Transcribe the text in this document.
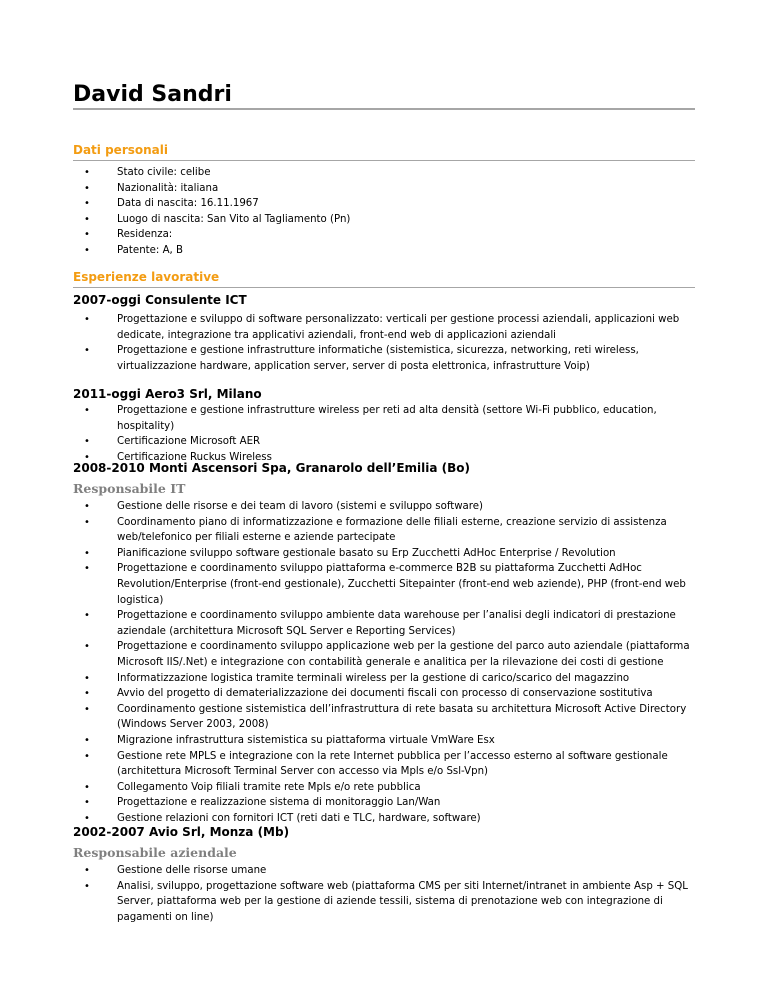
David Sandri
Dati personali
•	Stato civile: celibe
•	Nazionalità: italiana
•	Data di nascita: 16.11.1967
•	Luogo di nascita: San Vito al Tagliamento (Pn)
•	Residenza:
•	Patente: A, B
Esperienze lavorative
2007-oggi Consulente ICT
•	Progettazione e sviluppo di software personalizzato: verticali per gestione processi aziendali, applicazioni web dedicate, integrazione tra applicativi aziendali, front-end web di applicazioni aziendali
•	Progettazione e gestione infrastrutture informatiche (sistemistica, sicurezza, networking, reti wireless, virtualizzazione hardware, application server, server di posta elettronica, infrastrutture Voip)
2011-oggi Aero3 Srl, Milano
•	Progettazione e gestione infrastrutture wireless per reti ad alta densità (settore Wi-Fi pubblico, education, hospitality)
•	Certificazione Microsoft AER
•	Certificazione Ruckus Wireless
2008-2010 Monti Ascensori Spa, Granarolo dell’Emilia (Bo)
Responsabile IT
•	Gestione delle risorse e dei team di lavoro (sistemi e sviluppo software)
•	Coordinamento piano di informatizzazione e formazione delle filiali esterne, creazione servizio di assistenza web/telefonico per filiali esterne e aziende partecipate
•	Pianificazione sviluppo software gestionale basato su Erp Zucchetti AdHoc Enterprise / Revolution
•	Progettazione e coordinamento sviluppo piattaforma e-commerce B2B su piattaforma Zucchetti AdHoc Revolution/Enterprise (front-end gestionale), Zucchetti Sitepainter (front-end web aziende), PHP (front-end web logistica)
•	Progettazione e coordinamento sviluppo ambiente data warehouse per l’analisi degli indicatori di prestazione aziendale (architettura Microsoft SQL Server e Reporting Services)
•	Progettazione e coordinamento sviluppo applicazione web per la gestione del parco auto aziendale (piattaforma Microsoft IIS/.Net) e integrazione con contabilità generale e analitica per la rilevazione dei costi di gestione
•	Informatizzazione logistica tramite terminali wireless per la gestione di carico/scarico del magazzino
•	Avvio del progetto di dematerializzazione dei documenti fiscali con processo di conservazione sostitutiva
•	Coordinamento gestione sistemistica dell’infrastruttura di rete basata su architettura Microsoft Active Directory (Windows Server 2003, 2008)
•	Migrazione infrastruttura sistemistica su piattaforma virtuale VmWare Esx
•	Gestione rete MPLS e integrazione con la rete Internet pubblica per l’accesso esterno al software gestionale (architettura Microsoft Terminal Server con accesso via Mpls e/o Ssl-Vpn)
•	Collegamento Voip filiali tramite rete Mpls e/o rete pubblica
•	Progettazione e realizzazione sistema di monitoraggio Lan/Wan
•	Gestione relazioni con fornitori ICT (reti dati e TLC, hardware, software)
2002-2007 Avio Srl, Monza (Mb)
Responsabile aziendale
•	Gestione delle risorse umane
•	Analisi, sviluppo, progettazione software web (piattaforma CMS per siti Internet/intranet in ambiente Asp + SQL Server, piattaforma web per la gestione di aziende tessili, sistema di prenotazione web con integrazione di pagamenti on line)
